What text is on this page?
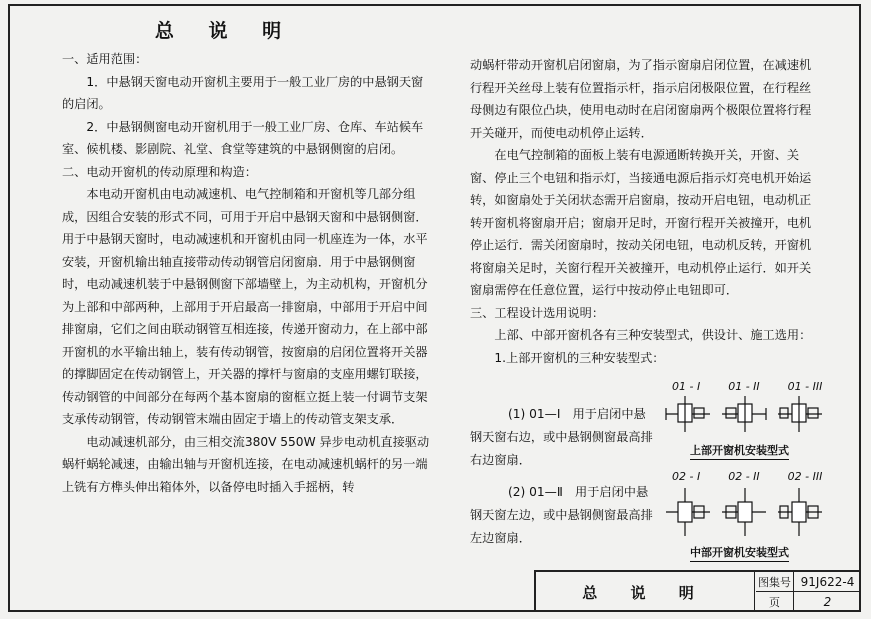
总 说 明

一、适用范围：

1．中悬钢天窗电动开窗机主要用于一般工业厂房的中悬钢天窗的启闭。

2．中悬钢侧窗电动开窗机用于一般工业厂房、仓库、车站候车室、候机楼、影剧院、礼堂、食堂等建筑的中悬钢侧窗的启闭。

二、电动开窗机的传动原理和构造：

本电动开窗机由电动减速机、电气控制箱和开窗机等几部分组成，因组合安装的形式不同，可用于开启中悬钢天窗和中悬钢侧窗．用于中悬钢天窗时，电动减速机和开窗机由同一机座连为一体，水平安装，开窗机输出轴直接带动传动钢管启闭窗扇．用于中悬钢侧窗时，电动减速机装于中悬钢侧窗下部墙壁上，为主动机构，开窗机分为上部和中部两种，上部用于开启最高一排窗扇，中部用于开启中间排窗扇，它们之间由联动钢管互相连接，传递开窗动力，在上部中部开窗机的水平输出轴上，装有传动钢管，按窗扇的启闭位置将开关器的撑脚固定在传动钢管上，开关器的撑杆与窗扇的支座用螺钉联接，传动钢管的中间部分在每两个基本窗扇的窗框立挺上装一付调节支架支承传动钢管，传动钢管末端由固定于墙上的传动管支架支承．

电动减速机部分，由三相交流380V 550W 异步电动机直接驱动蜗杆蜗轮减速，由输出轴与开窗机连接，在电动减速机蜗杆的另一端上铣有方榫头伸出箱体外，以备停电时插入手摇柄，转

动蜗杆带动开窗机启闭窗扇，为了指示窗扇启闭位置，在减速机行程开关丝母上装有位置指示杆，指示启闭极限位置，在行程丝母侧边有限位凸块，使用电动时在启闭窗扇两个极限位置将行程开关碰开，而使电动机停止运转．

在电气控制箱的面板上装有电源通断转换开关，开窗、关窗、停止三个电钮和指示灯，当接通电源后指示灯亮电机开始运转，如窗扇处于关闭状态需开启窗扇，按动开启电钮，电动机正转开窗机将窗扇开启；窗扇开足时，开窗行程开关被撞开，电机停止运行．需关闭窗扇时，按动关闭电钮，电动机反转，开窗机将窗扇关足时，关窗行程开关被撞开，电动机停止运行．如开关窗扇需停在任意位置，运行中按动停止电钮即可．

三、工程设计选用说明：

上部、中部开窗机各有三种安装型式，供设计、施工选用：

1.上部开窗机的三种安装型式：

(1) 01—Ⅰ　用于启闭中悬
钢天窗右边，或中悬钢侧窗最高排右边窗扇．
(2) 01—Ⅱ　用于启闭中悬
钢天窗左边，或中悬钢侧窗最高排左边窗扇．
01 - I	01 - II	01 - III
上部开窗机安装型式
02 - I	02 - II	02 - III
中部开窗机安装型式
总 说 明
图集号 91J622-4
页	2
